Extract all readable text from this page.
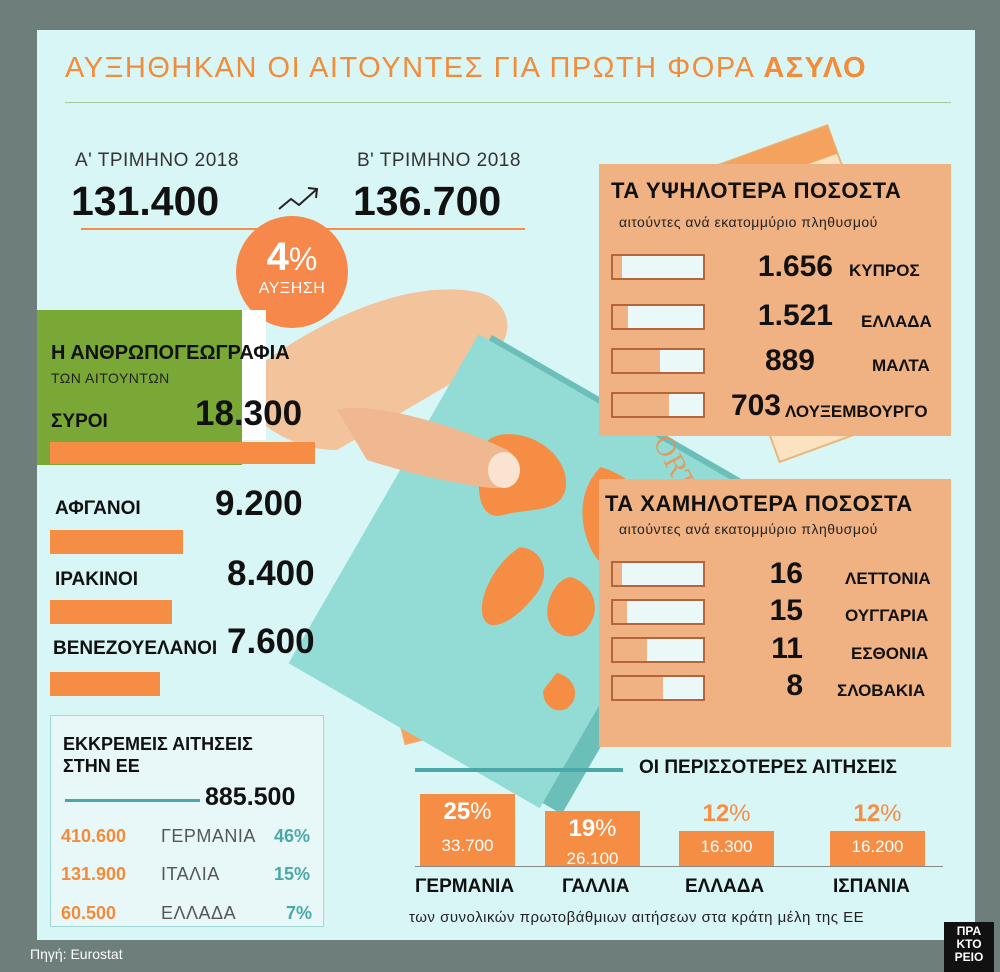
ΑΥΞΗΘΗΚΑΝ ΟΙ ΑΙΤΟΥΝΤΕΣ ΓΙΑ ΠΡΩΤΗ ΦΟΡΑ ΑΣΥΛΟ
Α' ΤΡΙΜΗΝΟ 2018
131.400
Β' ΤΡΙΜΗΝΟ 2018
136.700
4%
ΑΥΞΗΣΗ
Η ΑΝΘΡΩΠΟΓΕΩΓΡΑΦΙΑ
ΤΩΝ ΑΙΤΟΥΝΤΩΝ
ΣΥΡΟΙ 18.300
ΑΦΓΑΝΟΙ 9.200
ΙΡΑΚΙΝΟΙ	8.400
ΒΕΝΕΖΟΥΕΛΑΝΟΙ 7.600
ΤΑ ΥΨΗΛΟΤΕΡΑ ΠΟΣΟΣΤΑ
αιτούντες ανά εκατομμύριο πληθυσμού
1.656 ΚΥΠΡΟΣ
1.521 ΕΛΛΑΔΑ
889	ΜΑΛΤΑ
703 ΛΟΥΞΕΜΒΟΥΡΓΟ
ΤΑ ΧΑΜΗΛΟΤΕΡΑ ΠΟΣΟΣΤΑ
αιτούντες ανά εκατομμύριο πληθυσμού
16 ΛΕΤΤΟΝΙΑ
15 ΟΥΓΓΑΡΙΑ
11	ΕΣΘΟΝΙΑ
8 ΣΛΟΒΑΚΙΑ
ΕΚΚΡΕΜΕΙΣ ΑΙΤΗΣΕΙΣ
ΣΤΗΝ ΕΕ
885.500
410.600 ΓΕΡΜΑΝΙΑ 46%
131.900 ΙΤΑΛΙΑ	15%
60.500 ΕΛΛΑΔΑ	7%
ΟΙ ΠΕΡΙΣΣΟΤΕΡΕΣ ΑΙΤΗΣΕΙΣ
25%
33.700
19%
26.100
12%
16.300
12%
16.200
ΓΕΡΜΑΝΙΑ	ΓΑΛΛΙΑ	ΕΛΛΑΔΑ	ΙΣΠΑΝΙΑ
των συνολικών πρωτοβάθμιων αιτήσεων στα κράτη μέλη της ΕΕ
Πηγή: Eurostat
ΠΡΑ ΚΤΟ ΡΕΙΟ
